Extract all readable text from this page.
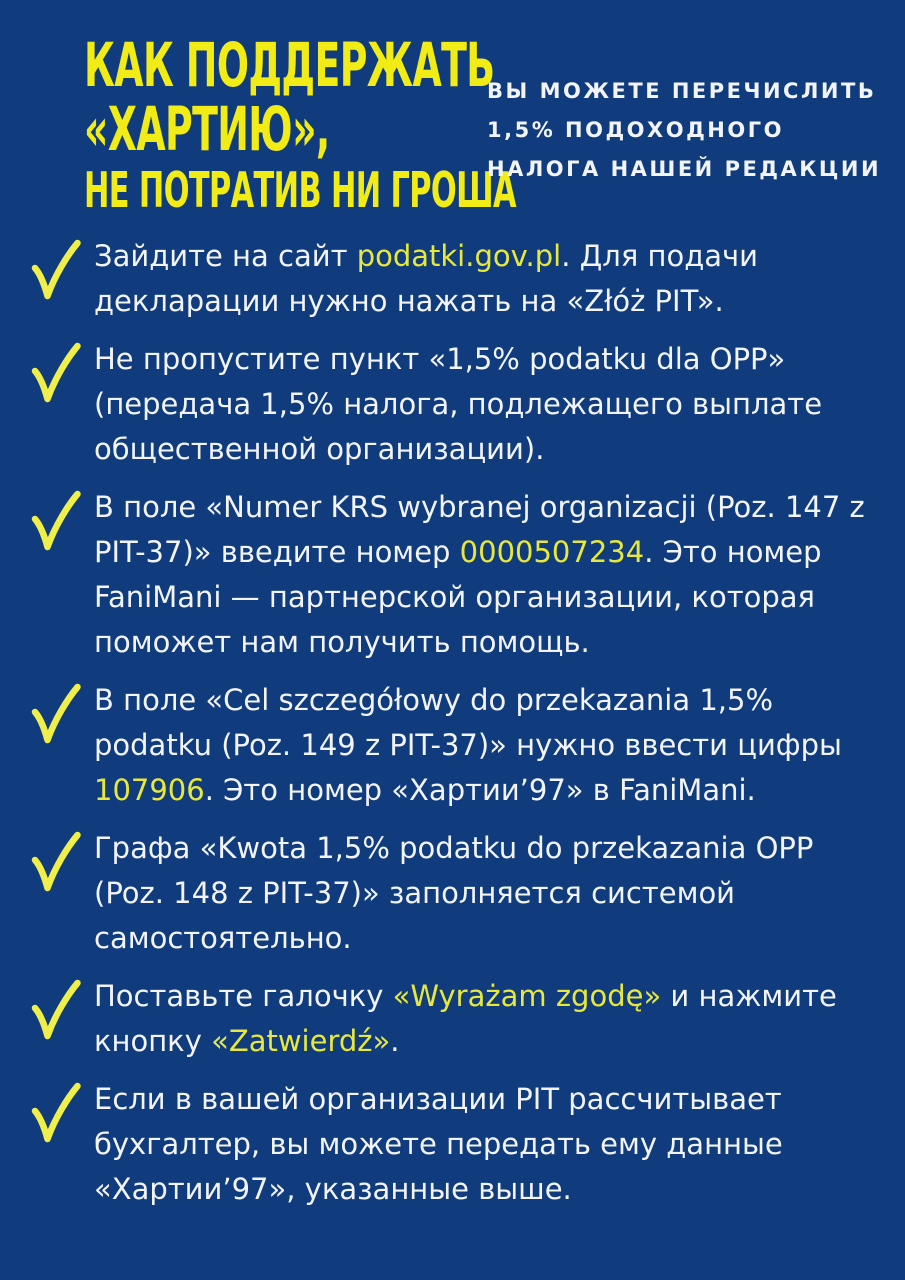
КАК ПОДДЕРЖАТЬ
«ХАРТИЮ»,
НЕ ПОТРАТИВ НИ ГРОША

ВЫ МОЖЕТЕ ПЕРЕЧИСЛИТЬ
1,5% ПОДОХОДНОГО
НАЛОГА НАШЕЙ РЕДАКЦИИ

Зайдите на сайт podatki.gov.pl. Для подачи декларации нужно нажать на «Złóż PIT».

Не пропустите пункт «1,5% podatku dla OPP» (передача 1,5% налога, подлежащего выплате общественной организации).

В поле «Numer KRS wybranej organizacji (Poz. 147 z PIT-37)» введите номер 0000507234. Это номер FaniMani — партнерской организации, которая поможет нам получить помощь.

В поле «Cel szczegółowy do przekazania 1,5% podatku (Poz. 149 z PIT-37)» нужно ввести цифры 107906. Это номер «Хартии’97» в FaniMani.

Графа «Kwota 1,5% podatku do przekazania OPP (Poz. 148 z PIT-37)» заполняется системой самостоятельно.

Поставьте галочку «Wyrażam zgodę» и нажмите кнопку «Zatwierdź».

Если в вашей организации PIT рассчитывает бухгалтер, вы можете передать ему данные «Хартии’97», указанные выше.
